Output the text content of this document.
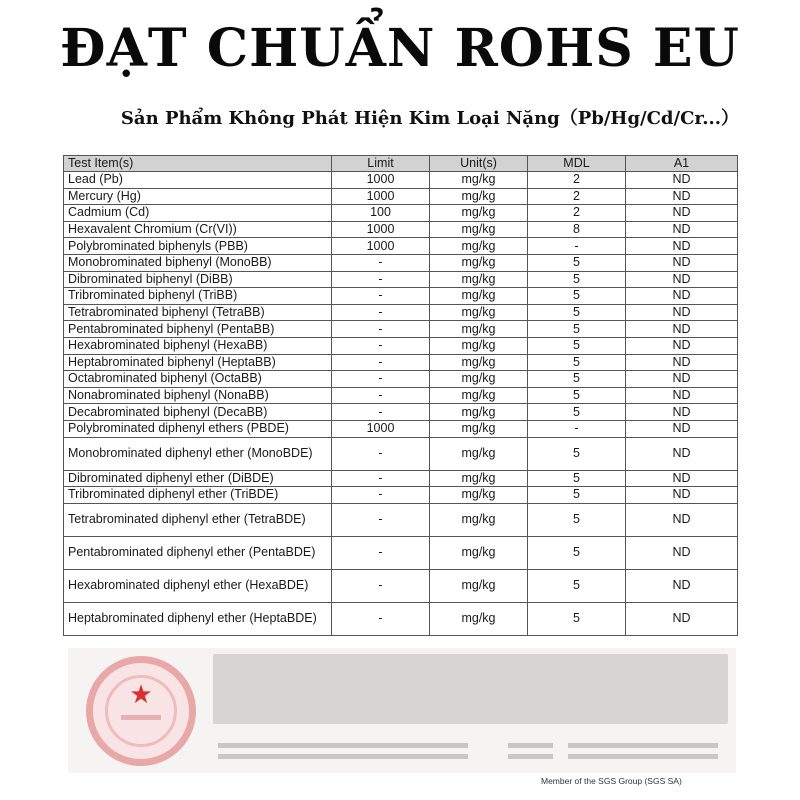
ĐẠT CHUẨN ROHS EU
Sản Phẩm Không Phát Hiện Kim Loại Nặng（Pb/Hg/Cd/Cr...）
Test Item(s)	Limit	Unit(s)	MDL	A1
Lead (Pb)	1000	mg/kg	2	ND
Mercury (Hg)	1000	mg/kg	2	ND
Cadmium (Cd)	100	mg/kg	2	ND
Hexavalent Chromium (Cr(VI))	1000	mg/kg	8	ND
Polybrominated biphenyls (PBB)	1000	mg/kg	-	ND
Monobrominated biphenyl (MonoBB)	-	mg/kg	5	ND
Dibrominated biphenyl (DiBB)	-	mg/kg	5	ND
Tribrominated biphenyl (TriBB)	-	mg/kg	5	ND
Tetrabrominated biphenyl (TetraBB)	-	mg/kg	5	ND
Pentabrominated biphenyl (PentaBB)	-	mg/kg	5	ND
Hexabrominated biphenyl (HexaBB)	-	mg/kg	5	ND
Heptabrominated biphenyl (HeptaBB)	-	mg/kg	5	ND
Octabrominated biphenyl (OctaBB)	-	mg/kg	5	ND
Nonabrominated biphenyl (NonaBB)	-	mg/kg	5	ND
Decabrominated biphenyl (DecaBB)	-	mg/kg	5	ND
Polybrominated diphenyl ethers (PBDE)	1000	mg/kg	-	ND
Monobrominated diphenyl ether (MonoBDE)	-	mg/kg	5	ND
Dibrominated diphenyl ether (DiBDE)	-	mg/kg	5	ND
Tribrominated diphenyl ether (TriBDE)	-	mg/kg	5	ND
Tetrabrominated diphenyl ether (TetraBDE)	-	mg/kg	5	ND
Pentabrominated diphenyl ether (PentaBDE)	-	mg/kg	5	ND
Hexabrominated diphenyl ether (HexaBDE)	-	mg/kg	5	ND
Heptabrominated diphenyl ether (HeptaBDE)	-	mg/kg	5	ND
★
Member of the SGS Group (SGS SA)
